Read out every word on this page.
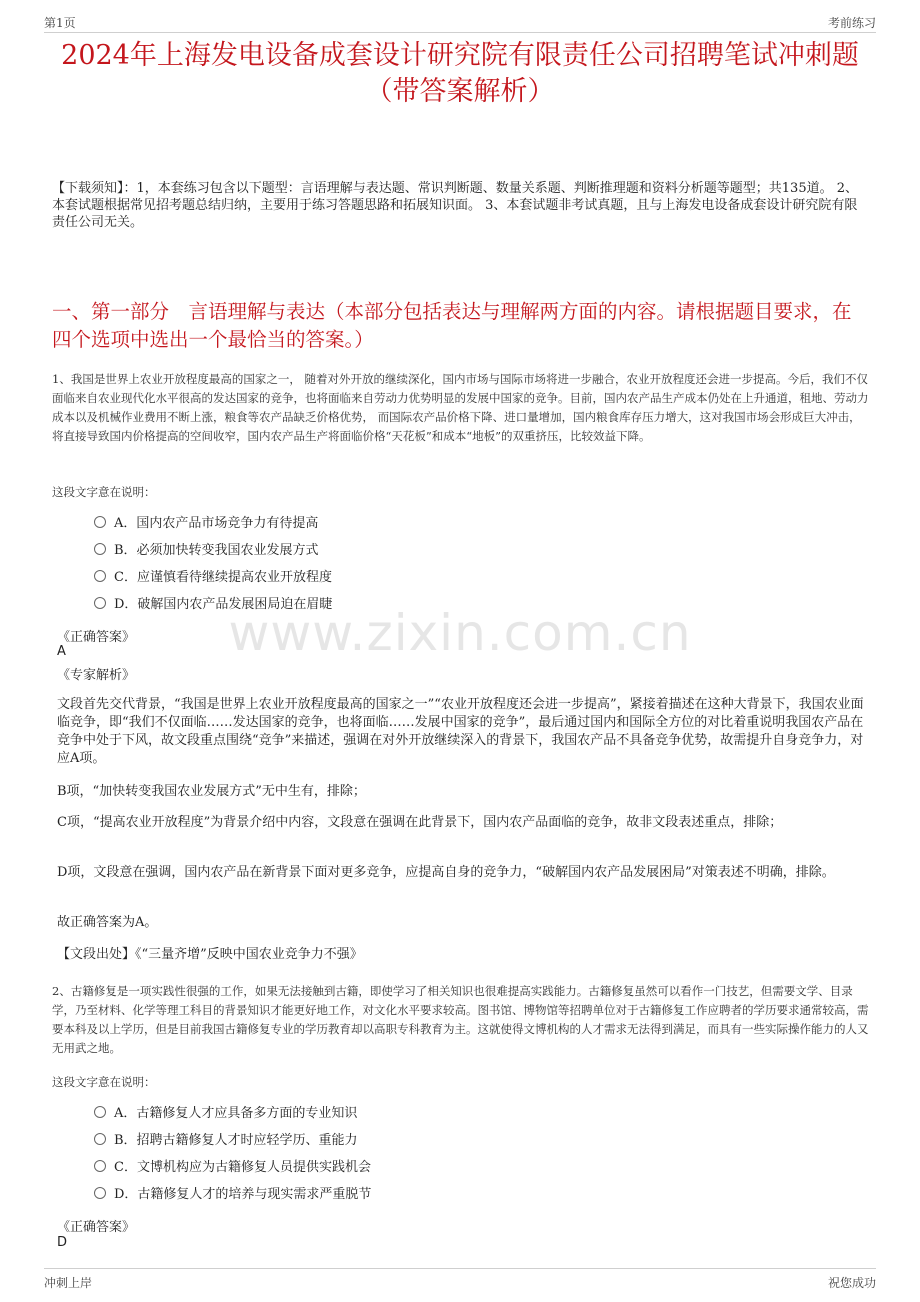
第1页	考前练习
2024年上海发电设备成套设计研究院有限责任公司招聘笔试冲刺题（带答案解析）
【下载须知】：1，本套练习包含以下题型：言语理解与表达题、常识判断题、数量关系题、判断推理题和资料分析题等题型；共135道。 2、本套试题根据常见招考题总结归纳，主要用于练习答题思路和拓展知识面。 3、本套试题非考试真题，且与上海发电设备成套设计研究院有限责任公司无关。
一、第一部分　言语理解与表达（本部分包括表达与理解两方面的内容。请根据题目要求，在四个选项中选出一个最恰当的答案。）
1、我国是世界上农业开放程度最高的国家之一， 随着对外开放的继续深化，国内市场与国际市场将进一步融合，农业开放程度还会进一步提高。今后，我们不仅面临来自农业现代化水平很高的发达国家的竞争，也将面临来自劳动力优势明显的发展中国家的竞争。目前，国内农产品生产成本仍处在上升通道，租地、劳动力成本以及机械作业费用不断上涨，粮食等农产品缺乏价格优势， 而国际农产品价格下降、进口量增加，国内粮食库存压力增大，这对我国市场会形成巨大冲击，将直接导致国内价格提高的空间收窄，国内农产品生产将面临价格“天花板”和成本“地板”的双重挤压，比较效益下降。
这段文字意在说明：
A．国内农产品市场竞争力有待提高
B．必须加快转变我国农业发展方式
C．应谨慎看待继续提高农业开放程度
D．破解国内农产品发展困局迫在眉睫
www.zixin.com.cn
《正确答案》
A
《专家解析》
文段首先交代背景，“我国是世界上农业开放程度最高的国家之一”“农业开放程度还会进一步提高”，紧接着描述在这种大背景下，我国农业面临竞争，即“我们不仅面临……发达国家的竞争，也将面临……发展中国家的竞争”，最后通过国内和国际全方位的对比着重说明我国农产品在竞争中处于下风，故文段重点围绕“竞争”来描述，强调在对外开放继续深入的背景下，我国农产品不具备竞争优势，故需提升自身竞争力，对应A项。
B项，“加快转变我国农业发展方式”无中生有，排除；
C项，“提高农业开放程度”为背景介绍中内容，文段意在强调在此背景下，国内农产品面临的竞争，故非文段表述重点，排除；
D项，文段意在强调，国内农产品在新背景下面对更多竞争，应提高自身的竞争力，“破解国内农产品发展困局”对策表述不明确，排除。
故正确答案为A。
【文段出处】《“三量齐增”反映中国农业竞争力不强》
2、古籍修复是一项实践性很强的工作，如果无法接触到古籍，即使学习了相关知识也很难提高实践能力。古籍修复虽然可以看作一门技艺，但需要文学、目录学，乃至材料、化学等理工科目的背景知识才能更好地工作，对文化水平要求较高。图书馆、博物馆等招聘单位对于古籍修复工作应聘者的学历要求通常较高，需要本科及以上学历，但是目前我国古籍修复专业的学历教育却以高职专科教育为主。这就使得文博机构的人才需求无法得到满足，而具有一些实际操作能力的人又无用武之地。
这段文字意在说明：
A．古籍修复人才应具备多方面的专业知识
B．招聘古籍修复人才时应轻学历、重能力
C．文博机构应为古籍修复人员提供实践机会
D．古籍修复人才的培养与现实需求严重脱节
《正确答案》
D
冲刺上岸	祝您成功
